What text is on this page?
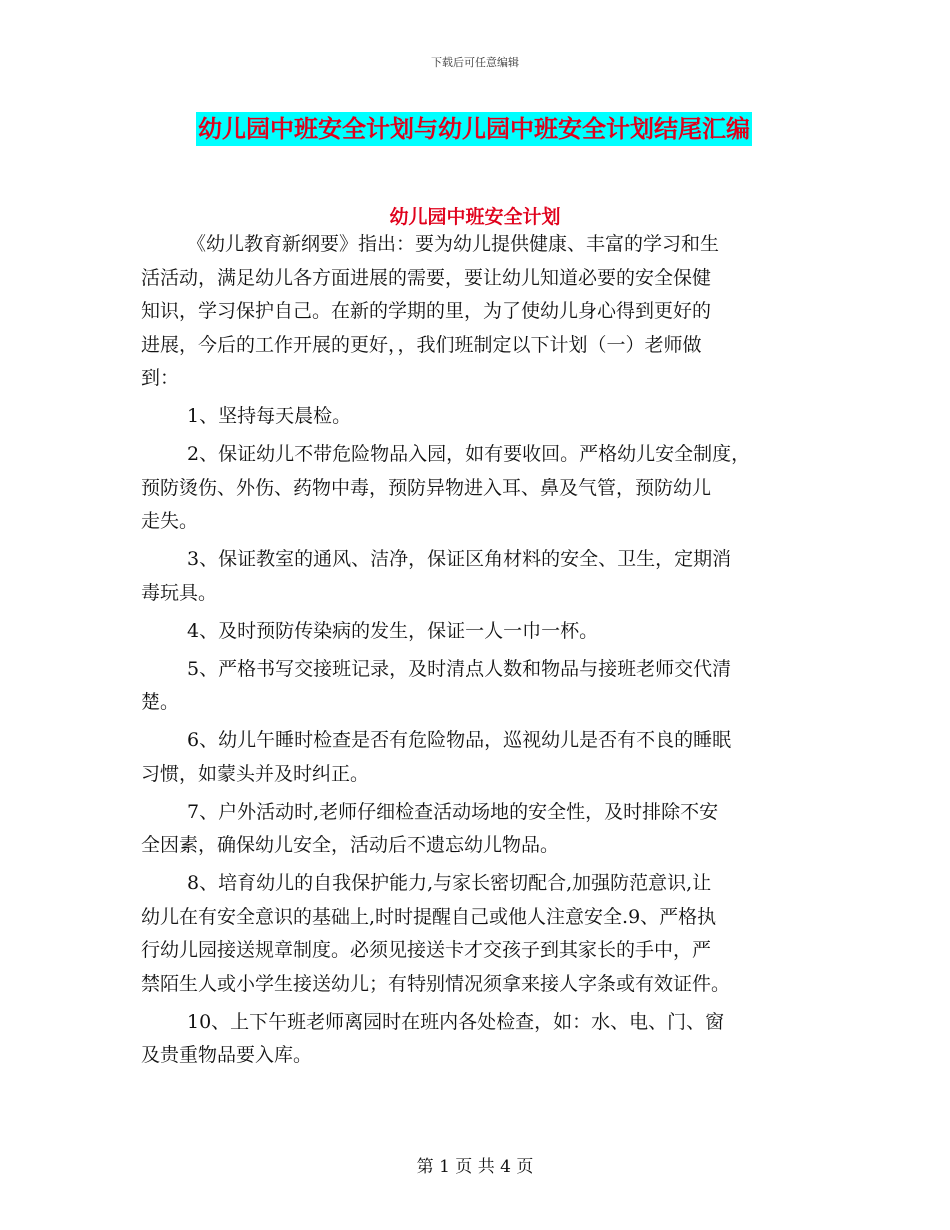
下载后可任意编辑
幼儿园中班安全计划与幼儿园中班安全计划结尾汇编
幼儿园中班安全计划
《幼儿教育新纲要》指出：要为幼儿提供健康、丰富的学习和生
活活动，满足幼儿各方面进展的需要，要让幼儿知道必要的安全保健
知识，学习保护自己。在新的学期的里，为了使幼儿身心得到更好的
进展，今后的工作开展的更好，，我们班制定以下计划（一）老师做
到：
1、坚持每天晨检。
2、保证幼儿不带危险物品入园，如有要收回。严格幼儿安全制度，
预防烫伤、外伤、药物中毒，预防异物进入耳、鼻及气管，预防幼儿
走失。
3、保证教室的通风、洁净，保证区角材料的安全、卫生，定期消
毒玩具。
4、及时预防传染病的发生，保证一人一巾一杯。
5、严格书写交接班记录，及时清点人数和物品与接班老师交代清
楚。
6、幼儿午睡时检查是否有危险物品，巡视幼儿是否有不良的睡眠
习惯，如蒙头并及时纠正。
7、户外活动时,老师仔细检查活动场地的安全性，及时排除不安
全因素，确保幼儿安全，活动后不遗忘幼儿物品。
8、培育幼儿的自我保护能力,与家长密切配合,加强防范意识,让
幼儿在有安全意识的基础上,时时提醒自己或他人注意安全.9、严格执
行幼儿园接送规章制度。必须见接送卡才交孩子到其家长的手中，严
禁陌生人或小学生接送幼儿；有特别情况须拿来接人字条或有效证件。
10、上下午班老师离园时在班内各处检查，如：水、电、门、窗
及贵重物品要入库。
第 1 页 共 4 页
